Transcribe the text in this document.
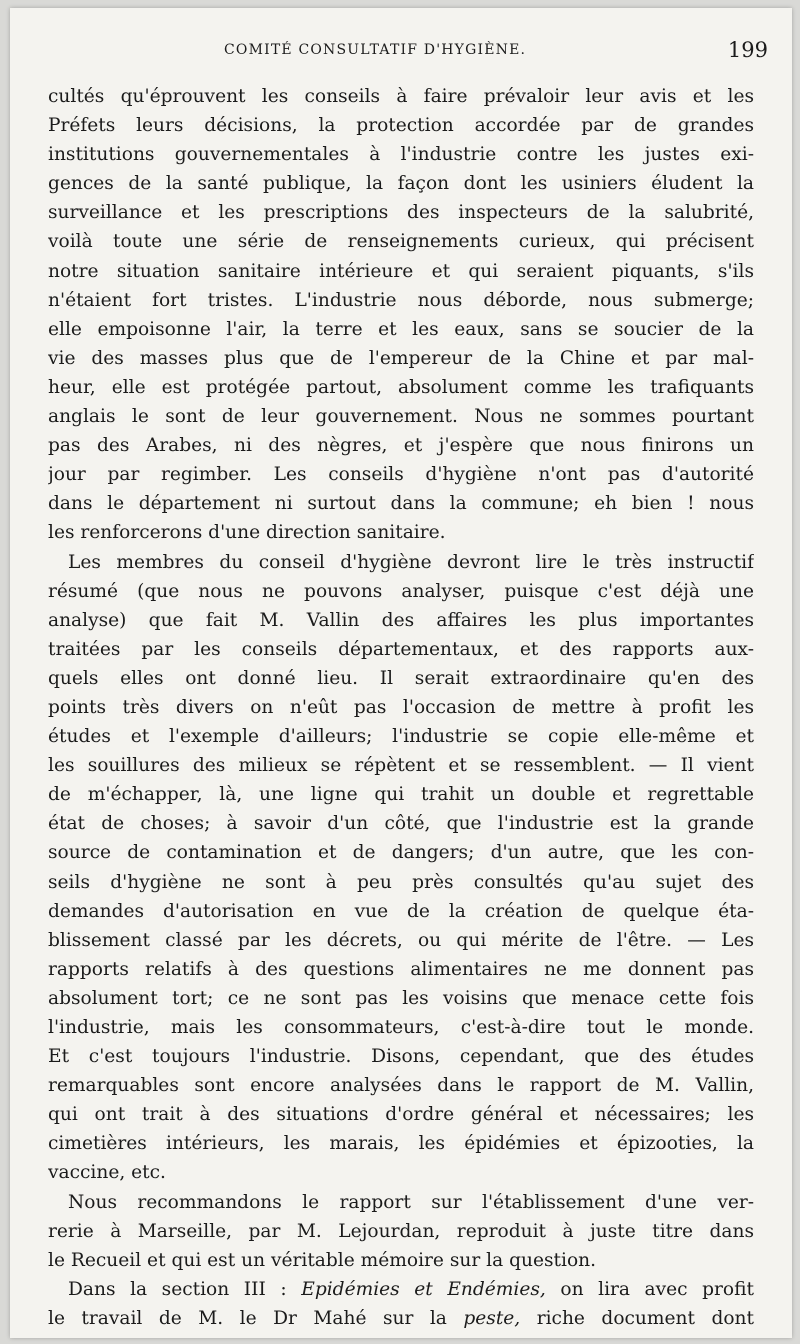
COMITÉ CONSULTATIF D'HYGIÈNE.	199
cultés qu'éprouvent les conseils à faire prévaloir leur avis et les
Préfets leurs décisions, la protection accordée par de grandes
institutions gouvernementales à l'industrie contre les justes exi-
gences de la santé publique, la façon dont les usiniers éludent la
surveillance et les prescriptions des inspecteurs de la salubrité,
voilà toute une série de renseignements curieux, qui précisent
notre situation sanitaire intérieure et qui seraient piquants, s'ils
n'étaient fort tristes. L'industrie nous déborde, nous submerge;
elle empoisonne l'air, la terre et les eaux, sans se soucier de la
vie des masses plus que de l'empereur de la Chine et par mal-
heur, elle est protégée partout, absolument comme les trafiquants
anglais le sont de leur gouvernement. Nous ne sommes pourtant
pas des Arabes, ni des nègres, et j'espère que nous finirons un
jour par regimber. Les conseils d'hygiène n'ont pas d'autorité
dans le département ni surtout dans la commune; eh bien ! nous
les renforcerons d'une direction sanitaire.
Les membres du conseil d'hygiène devront lire le très instructif
résumé (que nous ne pouvons analyser, puisque c'est déjà une
analyse) que fait M. Vallin des affaires les plus importantes
traitées par les conseils départementaux, et des rapports aux-
quels elles ont donné lieu. Il serait extraordinaire qu'en des
points très divers on n'eût pas l'occasion de mettre à profit les
études et l'exemple d'ailleurs; l'industrie se copie elle-même et
les souillures des milieux se répètent et se ressemblent. — Il vient
de m'échapper, là, une ligne qui trahit un double et regrettable
état de choses; à savoir d'un côté, que l'industrie est la grande
source de contamination et de dangers; d'un autre, que les con-
seils d'hygiène ne sont à peu près consultés qu'au sujet des
demandes d'autorisation en vue de la création de quelque éta-
blissement classé par les décrets, ou qui mérite de l'être. — Les
rapports relatifs à des questions alimentaires ne me donnent pas
absolument tort; ce ne sont pas les voisins que menace cette fois
l'industrie, mais les consommateurs, c'est-à-dire tout le monde.
Et c'est toujours l'industrie. Disons, cependant, que des études
remarquables sont encore analysées dans le rapport de M. Vallin,
qui ont trait à des situations d'ordre général et nécessaires; les
cimetières intérieurs, les marais, les épidémies et épizooties, la
vaccine, etc.
Nous recommandons le rapport sur l'établissement d'une ver-
rerie à Marseille, par M. Lejourdan, reproduit à juste titre dans
le Recueil et qui est un véritable mémoire sur la question.
Dans la section III : Epidémies et Endémies, on lira avec profit
le travail de M. le Dr Mahé sur la peste, riche document dont
